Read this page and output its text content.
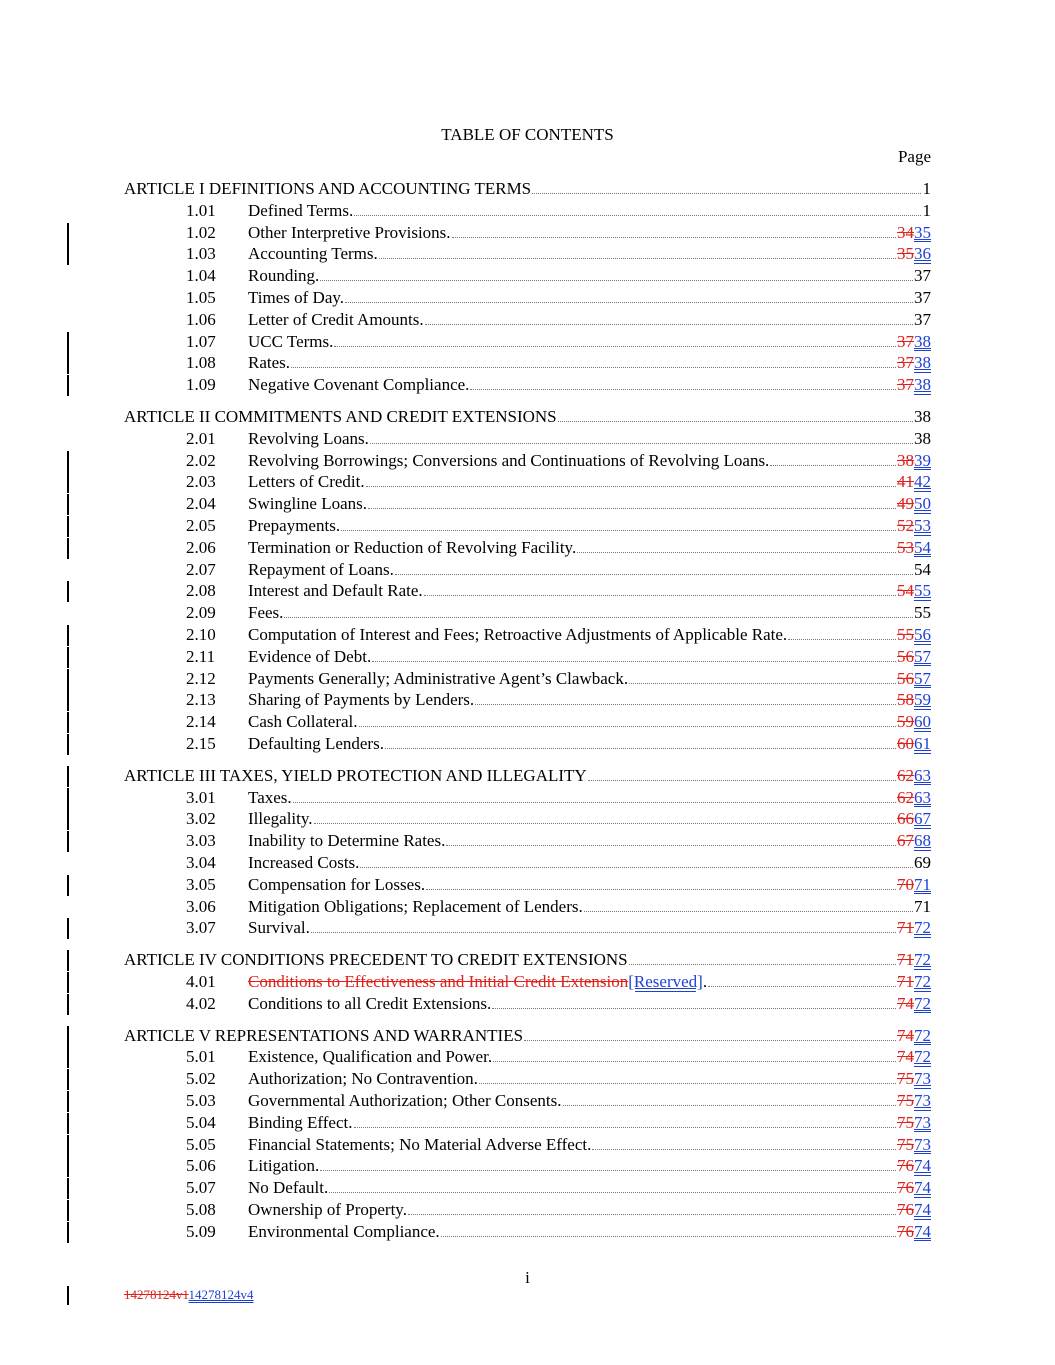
TABLE OF CONTENTS
Page
ARTICLE I DEFINITIONS AND ACCOUNTING TERMS	1
1.01 Defined Terms.	1
1.02 Other Interpretive Provisions.	3435
1.03 Accounting Terms.	3536
1.04 Rounding.	37
1.05 Times of Day.	37
1.06 Letter of Credit Amounts.	37
1.07 UCC Terms.	3738
1.08 Rates.	3738
1.09 Negative Covenant Compliance.	3738
ARTICLE II COMMITMENTS AND CREDIT EXTENSIONS	38
2.01 Revolving Loans.	38
2.02 Revolving Borrowings; Conversions and Continuations of Revolving Loans.	3839
2.03 Letters of Credit.	4142
2.04 Swingline Loans.	4950
2.05 Prepayments.	5253
2.06 Termination or Reduction of Revolving Facility.	5354
2.07 Repayment of Loans.	54
2.08 Interest and Default Rate.	5455
2.09 Fees.	55
2.10 Computation of Interest and Fees; Retroactive Adjustments of Applicable Rate.	5556
2.11 Evidence of Debt.	5657
2.12 Payments Generally; Administrative Agent’s Clawback.	5657
2.13 Sharing of Payments by Lenders.	5859
2.14 Cash Collateral.	5960
2.15 Defaulting Lenders.	6061
ARTICLE III TAXES, YIELD PROTECTION AND ILLEGALITY	6263
3.01 Taxes.	6263
3.02 Illegality.	6667
3.03 Inability to Determine Rates.	6768
3.04 Increased Costs.	69
3.05 Compensation for Losses.	7071
3.06 Mitigation Obligations; Replacement of Lenders.	71
3.07 Survival.	7172
ARTICLE IV CONDITIONS PRECEDENT TO CREDIT EXTENSIONS	7172
4.01 Conditions to Effectiveness and Initial Credit Extension [Reserved] .	7172
4.02 Conditions to all Credit Extensions.	7472
ARTICLE V REPRESENTATIONS AND WARRANTIES	7472
5.01 Existence, Qualification and Power.	7472
5.02 Authorization; No Contravention.	7573
5.03 Governmental Authorization; Other Consents.	7573
5.04 Binding Effect.	7573
5.05 Financial Statements; No Material Adverse Effect.	7573
5.06 Litigation.	7674
5.07 No Default.	7674
5.08 Ownership of Property.	7674
5.09 Environmental Compliance.	7674
i
14278124v114278124v4
